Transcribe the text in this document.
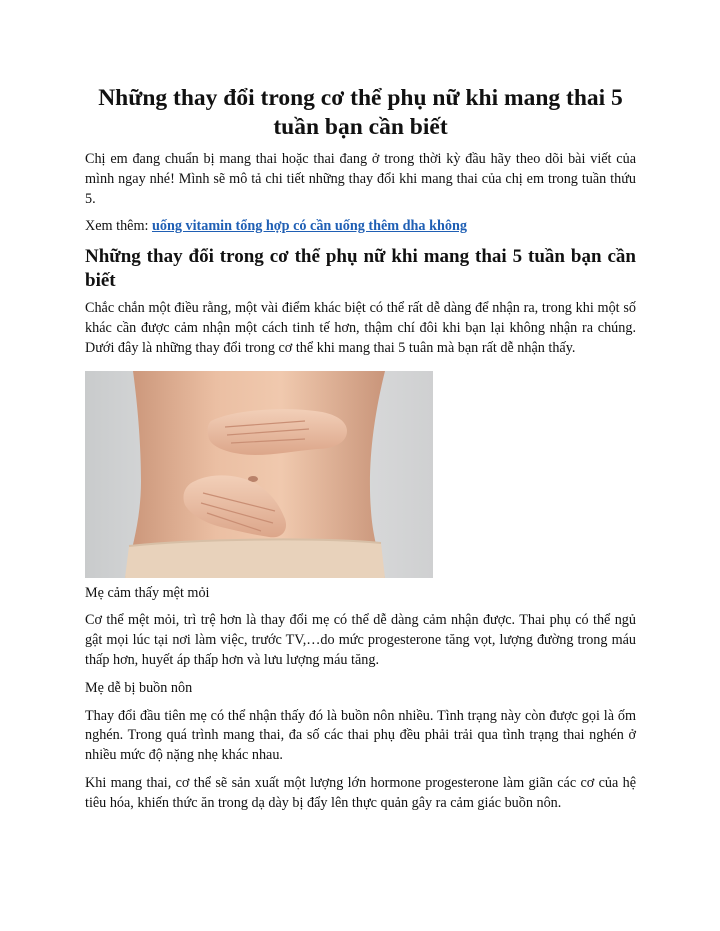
Những thay đổi trong cơ thể phụ nữ khi mang thai 5 tuần bạn cần biết

Chị em đang chuẩn bị mang thai hoặc thai đang ở trong thời kỳ đầu hãy theo dõi bài viết của mình ngay nhé! Mình sẽ mô tả chi tiết những thay đổi khi mang thai của chị em trong tuần thứu 5.

Xem thêm: uống vitamin tổng hợp có cần uống thêm dha không

Những thay đổi trong cơ thể phụ nữ khi mang thai 5 tuần bạn cần biết

Chắc chắn một điều rằng, một vài điểm khác biệt có thể rất dễ dàng để nhận ra, trong khi một số khác cần được cảm nhận một cách tinh tế hơn, thậm chí đôi khi bạn lại không nhận ra chúng. Dưới đây là những thay đổi trong cơ thể khi mang thai 5 tuân mà bạn rất dễ nhận thấy.

Mẹ cảm thấy mệt mỏi

Cơ thể mệt mỏi, trì trệ hơn là thay đổi mẹ có thể dễ dàng cảm nhận được. Thai phụ có thể ngủ gật mọi lúc tại nơi làm việc, trước TV,…do mức progesterone tăng vọt, lượng đường trong máu thấp hơn, huyết áp thấp hơn và lưu lượng máu tăng.

Mẹ dễ bị buồn nôn

Thay đổi đầu tiên mẹ có thể nhận thấy đó là buồn nôn nhiều. Tình trạng này còn được gọi là ốm nghén. Trong quá trình mang thai, đa số các thai phụ đều phải trải qua tình trạng thai nghén ở nhiều mức độ nặng nhẹ khác nhau.

Khi mang thai, cơ thể sẽ sản xuất một lượng lớn hormone progesterone làm giãn các cơ của hệ tiêu hóa, khiến thức ăn trong dạ dày bị đẩy lên thực quản gây ra cảm giác buồn nôn.
